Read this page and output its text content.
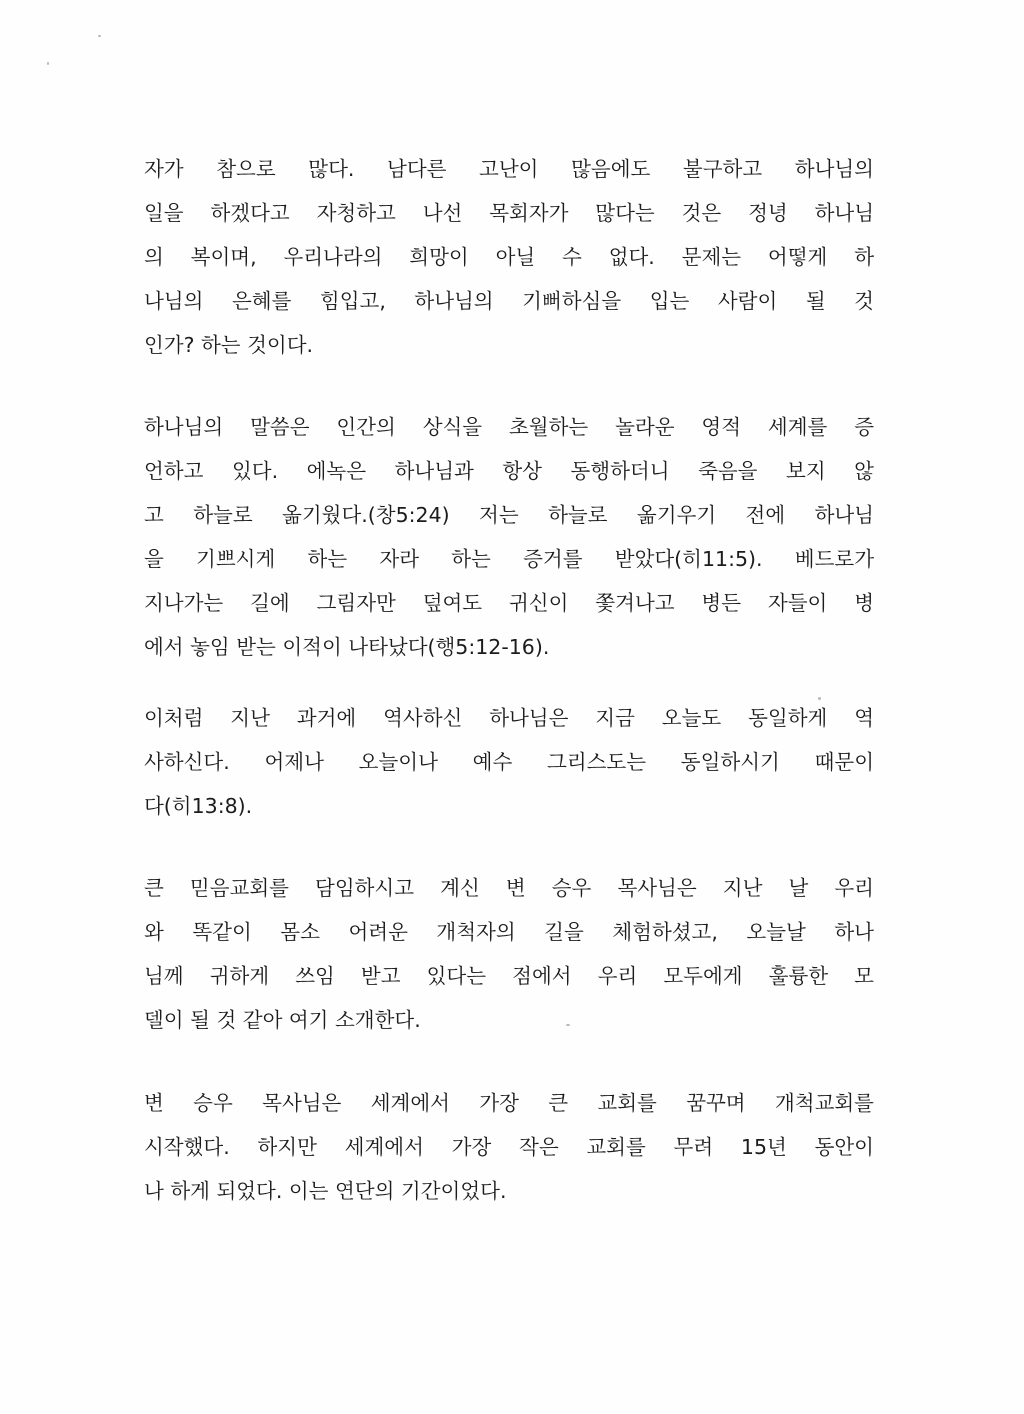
자가 참으로 많다. 남다른 고난이 많음에도 불구하고 하나님의
일을 하겠다고 자청하고 나선 목회자가 많다는 것은 정녕 하나님
의 복이며, 우리나라의 희망이 아닐 수 없다. 문제는 어떻게 하
나님의 은혜를 힘입고, 하나님의 기뻐하심을 입는 사람이 될 것
인가? 하는 것이다.
하나님의 말씀은 인간의 상식을 초월하는 놀라운 영적 세계를 증
언하고 있다. 에녹은 하나님과 항상 동행하더니 죽음을 보지 않
고 하늘로 옮기웠다.(창5:24) 저는 하늘로 옮기우기 전에 하나님
을 기쁘시게 하는 자라 하는 증거를 받았다(히11:5). 베드로가
지나가는 길에 그림자만 덮여도 귀신이 쫓겨나고 병든 자들이 병
에서 놓임 받는 이적이 나타났다(행5:12-16).
이처럼 지난 과거에 역사하신 하나님은 지금 오늘도 동일하게 역
사하신다. 어제나 오늘이나 예수 그리스도는 동일하시기 때문이
다(히13:8).
큰 믿음교회를 담임하시고 계신 변 승우 목사님은 지난 날 우리
와 똑같이 몸소 어려운 개척자의 길을 체험하셨고, 오늘날 하나
님께 귀하게 쓰임 받고 있다는 점에서 우리 모두에게 훌륭한 모
델이 될 것 같아 여기 소개한다.
변 승우 목사님은 세계에서 가장 큰 교회를 꿈꾸며 개척교회를
시작했다. 하지만 세계에서 가장 작은 교회를 무려 15년 동안이
나 하게 되었다. 이는 연단의 기간이었다.
